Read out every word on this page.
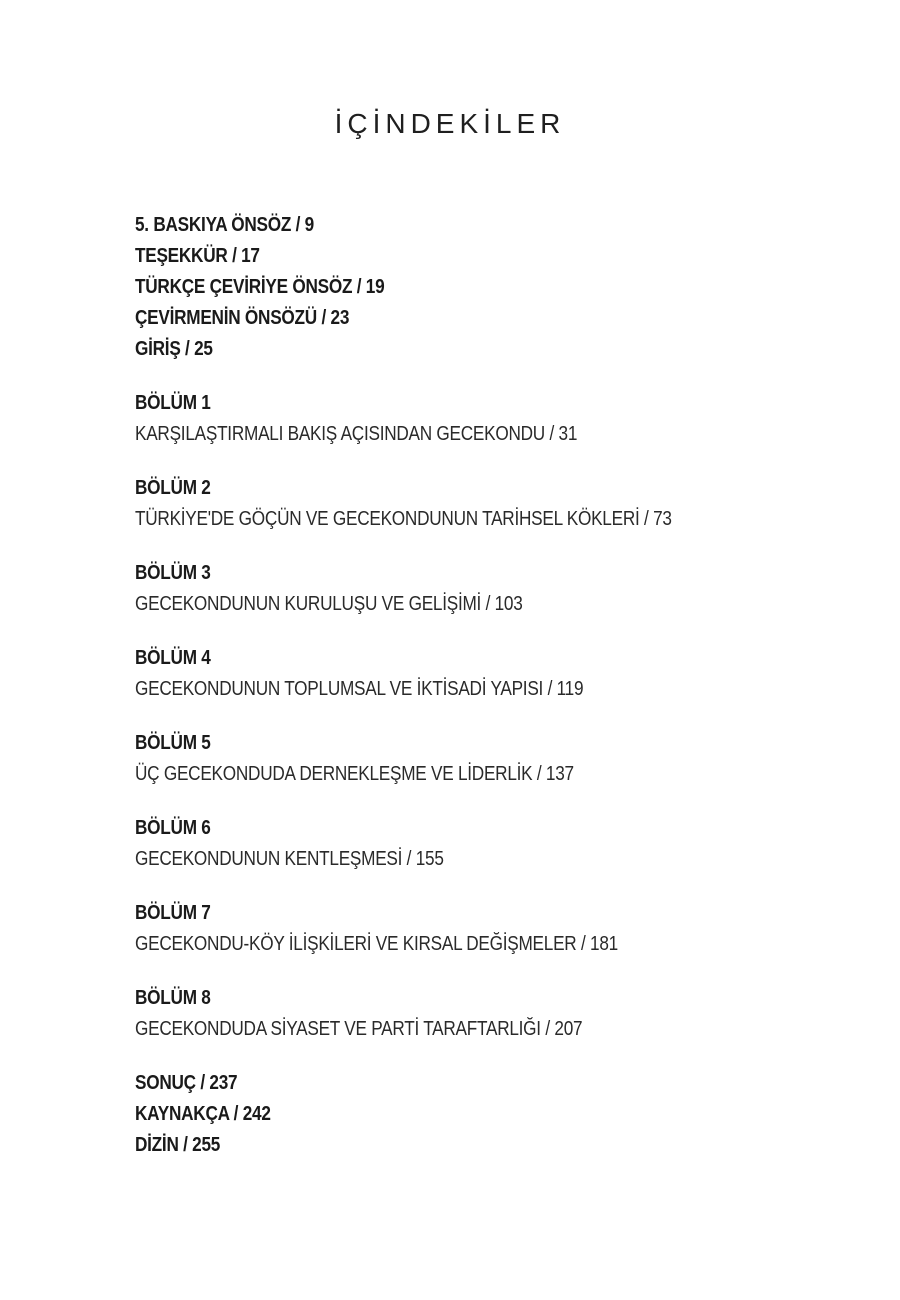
İÇİNDEKİLER
5. BASKIYA ÖNSÖZ / 9
TEŞEKKÜR / 17
TÜRKÇE ÇEVİRİYE ÖNSÖZ / 19
ÇEVİRMENİN ÖNSÖZÜ / 23
GİRİŞ / 25
BÖLÜM 1
KARŞILAŞTIRMALI BAKIŞ AÇISINDAN GECEKONDU / 31
BÖLÜM 2
TÜRKİYE'DE GÖÇÜN VE GECEKONDUNUN TARİHSEL KÖKLERİ / 73
BÖLÜM 3
GECEKONDUNUN KURULUŞU VE GELİŞİMİ / 103
BÖLÜM 4
GECEKONDUNUN TOPLUMSAL VE İKTİSADİ YAPISI / 119
BÖLÜM 5
ÜÇ GECEKONDUDA DERNEKLEŞME VE LİDERLİK / 137
BÖLÜM 6
GECEKONDUNUN KENTLEŞMESİ / 155
BÖLÜM 7
GECEKONDU-KÖY İLİŞKİLERİ VE KIRSAL DEĞİŞMELER / 181
BÖLÜM 8
GECEKONDUDA SİYASET VE PARTİ TARAFTARLIĞI / 207
SONUÇ / 237
KAYNAKÇA / 242
DİZİN / 255
